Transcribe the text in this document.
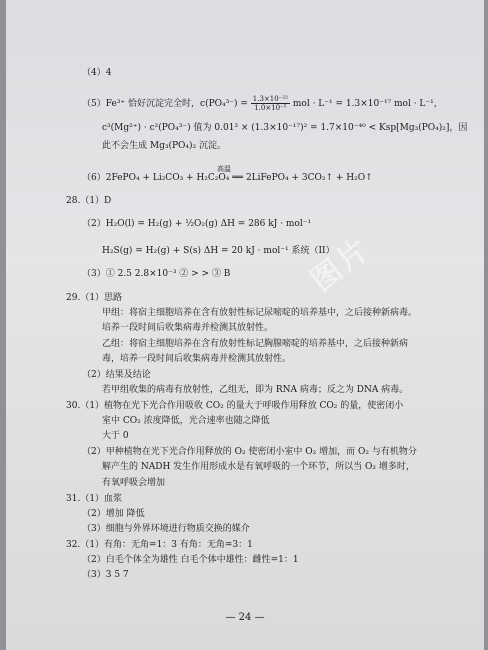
（4）4
（5）Fe³⁺ 恰好沉淀完全时，$c(PO_4^{3-}) = \frac{\text{1.3×10⁻²²}}{\text{1.0×10⁻⁵}}$ mol · L⁻¹ = 1.3×10⁻¹⁷ mol · L⁻¹，
c³(Mg²⁺) · c²(PO₄³⁻) 值为 0.01³ × (1.3×10⁻¹⁷)² = 1.7×10⁻⁴⁰ < Ksp[Mg₃(PO₄)₂]，因
此不会生成 Mg₃(PO₄)₂ 沉淀。
高温
（6）2FePO₄ + Li₂CO₃ + H₂C₂O₄ ══ 2LiFePO₄ + 3CO₂↑ + H₂O↑
28.（1）D
（2）H₂O(l) = H₂(g) + ½O₂(g) ΔH = 286 kJ · mol⁻¹
H₂S(g) = H₂(g) + S(s) ΔH = 20 kJ · mol⁻¹ 系统（II）
（3）① 2.5 2.8×10⁻³ ② > > ③ B
29.（1）思路
甲组：将宿主细胞培养在含有放射性标记尿嘧啶的培养基中，之后接种新病毒。
培养一段时间后收集病毒并检测其放射性。
乙组：将宿主细胞培养在含有放射性标记胸腺嘧啶的培养基中，之后接种新病
毒，培养一段时间后收集病毒并检测其放射性。
（2）结果及结论
若甲组收集的病毒有放射性，乙组无，即为 RNA 病毒；反之为 DNA 病毒。
30.（1）植物在光下光合作用吸收 CO₂ 的量大于呼吸作用释放 CO₂ 的量，使密闭小
室中 CO₂ 浓度降低，光合速率也随之降低
大于 0
（2）甲种植物在光下光合作用释放的 O₂ 使密闭小室中 O₂ 增加，而 O₂ 与有机物分
解产生的 NADH 发生作用形成水是有氧呼吸的一个环节，所以当 O₂ 增多时，
有氧呼吸会增加
31.（1）血浆
（2）增加 降低
（3）细胞与外界环境进行物质交换的媒介
32.（1）有角：无角=1：3 有角：无角=3：1
（2）白毛个体全为雄性 白毛个体中雄性：雌性=1：1
（3）3 5 7
图片
— 24 —
